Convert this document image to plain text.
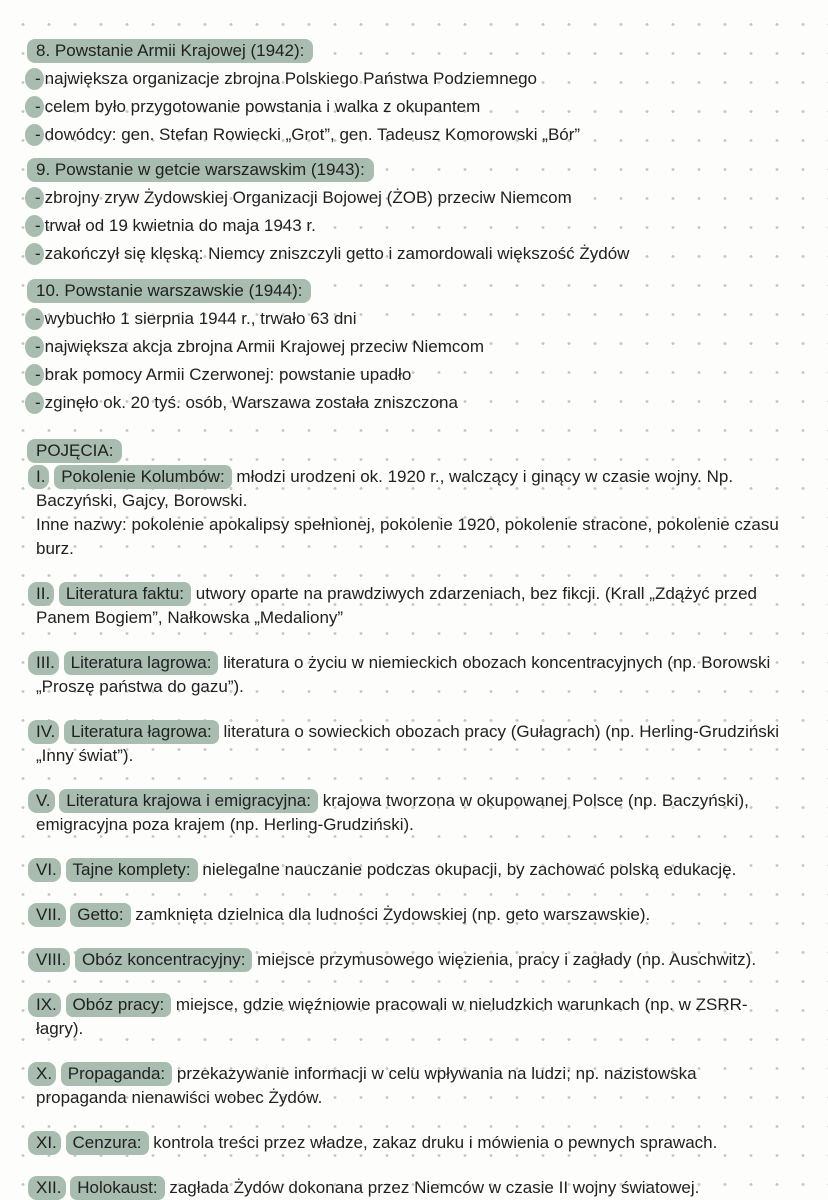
8. Powstanie Armii Krajowej (1942):
- największa organizacje zbrojna Polskiego Państwa Podziemnego
- celem było przygotowanie powstania i walka z okupantem
- dowódcy: gen. Stefan Rowiecki „Grot”, gen. Tadeusz Komorowski „Bór”
9. Powstanie w getcie warszawskim (1943):
- zbrojny zryw Żydowskiej Organizacji Bojowej (ŻOB) przeciw Niemcom
- trwał od 19 kwietnia do maja 1943 r.
- zakończył się klęską: Niemcy zniszczyli getto i zamordowali większość Żydów
10. Powstanie warszawskie (1944):
- wybuchło 1 sierpnia 1944 r., trwało 63 dni
- największa akcja zbrojna Armii Krajowej przeciw Niemcom
- brak pomocy Armii Czerwonej: powstanie upadło
- zginęło ok. 20 tyś. osób, Warszawa została zniszczona
POJĘCIA:

I. Pokolenie Kolumbów: młodzi urodzeni ok. 1920 r., walczący i ginący w czasie wojny. Np. Baczyński, Gajcy, Borowski.

Inne nazwy: pokolenie apokalipsy spełnionej, pokolenie 1920, pokolenie stracone, pokolenie czasu burz.

II. Literatura faktu: utwory oparte na prawdziwych zdarzeniach, bez fikcji. (Krall „Zdążyć przed Panem Bogiem”, Nałkowska „Medaliony”

III. Literatura lagrowa: literatura o życiu w niemieckich obozach koncentracyjnych (np. Borowski „Proszę państwa do gazu”).

IV. Literatura łagrowa: literatura o sowieckich obozach pracy (Gułagrach) (np. Herling-Grudziński „Inny świat”).

V. Literatura krajowa i emigracyjna: krajowa tworzona w okupowanej Polsce (np. Baczyński), emigracyjna poza krajem (np. Herling-Grudziński).

VI. Tajne komplety: nielegalne nauczanie podczas okupacji, by zachować polską edukację.

VII. Getto: zamknięta dzielnica dla ludności Żydowskiej (np. geto warszawskie).

VIII. Obóz koncentracyjny: miejsce przymusowego więzienia, pracy i zagłady (np. Auschwitz).

IX. Obóz pracy: miejsce, gdzie więźniowie pracowali w nieludzkich warunkach (np. w ZSRR- łagry).

X. Propaganda: przekazywanie informacji w celu wpływania na ludzi; np. nazistowska propaganda nienawiści wobec Żydów.

XI. Cenzura: kontrola treści przez władze, zakaz druku i mówienia o pewnych sprawach.

XII. Holokaust: zagłada Żydów dokonana przez Niemców w czasie II wojny światowej.
